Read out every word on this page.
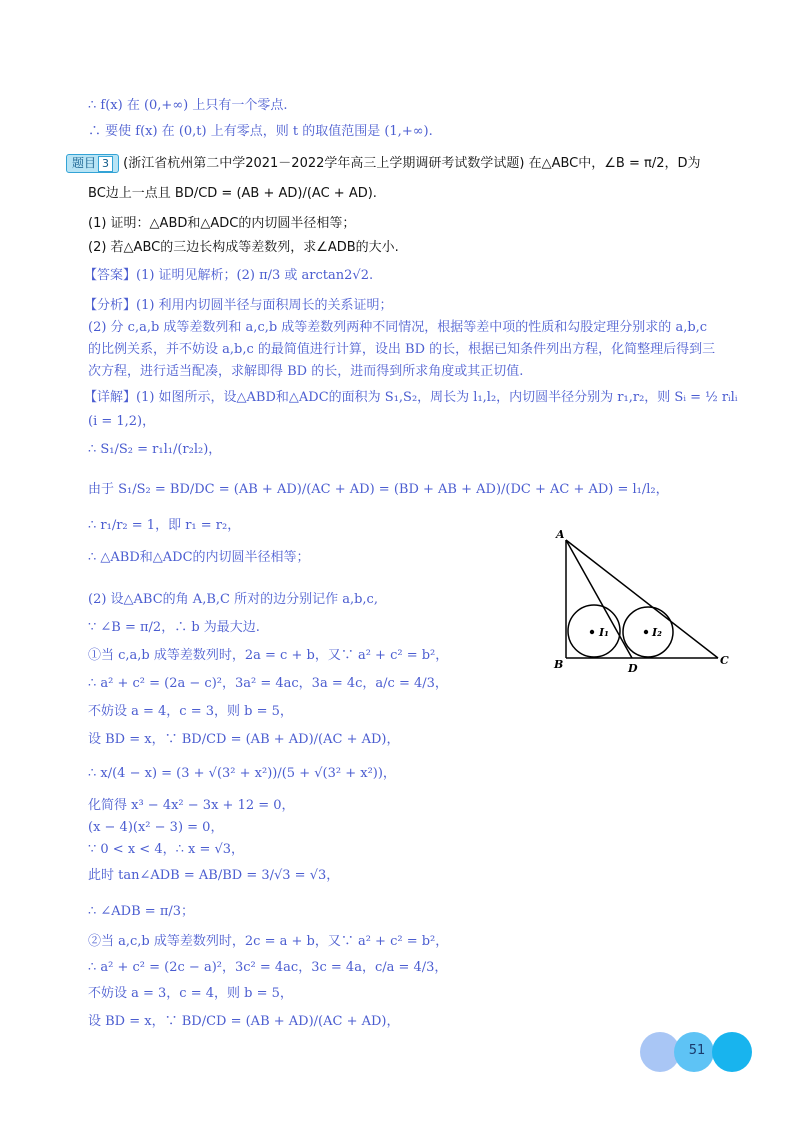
∴ f(x) 在 (0,+∞) 上只有一个零点.
∴ 要使 f(x) 在 (0,t) 上有零点，则 t 的取值范围是 (1,+∞).
题目 3 (浙江省杭州第二中学2021－2022学年高三上学期调研考试数学试题) 在△ABC中，∠B = π/2，D为
BC边上一点且 BD/CD = (AB + AD)/(AC + AD).
(1) 证明：△ABD和△ADC的内切圆半径相等；
(2) 若△ABC的三边长构成等差数列，求∠ADB的大小.
【答案】(1) 证明见解析；(2) π/3 或 arctan2√2.
【分析】(1) 利用内切圆半径与面积周长的关系证明；
(2) 分 c,a,b 成等差数列和 a,c,b 成等差数列两种不同情况，根据等差中项的性质和勾股定理分别求的 a,b,c
的比例关系，并不妨设 a,b,c 的最简值进行计算，设出 BD 的长，根据已知条件列出方程，化简整理后得到三
次方程，进行适当配凑，求解即得 BD 的长，进而得到所求角度或其正切值.
【详解】(1) 如图所示，设△ABD和△ADC的面积为 S₁,S₂，周长为 l₁,l₂，内切圆半径分别为 r₁,r₂，则 Sᵢ = ½ rᵢlᵢ
(i = 1,2)，
∴ S₁/S₂ = r₁l₁/(r₂l₂)，
由于 S₁/S₂ = BD/DC = (AB + AD)/(AC + AD) = (BD + AB + AD)/(DC + AC + AD) = l₁/l₂，
∴ r₁/r₂ = 1，即 r₁ = r₂，
∴ △ABD和△ADC的内切圆半径相等；
(2) 设△ABC的角 A,B,C 所对的边分别记作 a,b,c,
∵ ∠B = π/2，∴ b 为最大边.
①当 c,a,b 成等差数列时，2a = c + b，又∵ a² + c² = b²，
∴ a² + c² = (2a − c)²，3a² = 4ac，3a = 4c，a/c = 4/3，
不妨设 a = 4，c = 3，则 b = 5，
设 BD = x，∵ BD/CD = (AB + AD)/(AC + AD)，
∴ x/(4 − x) = (3 + √(3² + x²))/(5 + √(3² + x²))，
化简得 x³ − 4x² − 3x + 12 = 0，
(x − 4)(x² − 3) = 0，
∵ 0 < x < 4，∴ x = √3，
此时 tan∠ADB = AB/BD = 3/√3 = √3，
∴ ∠ADB = π/3；
②当 a,c,b 成等差数列时，2c = a + b，又∵ a² + c² = b²，
∴ a² + c² = (2c − a)²，3c² = 4ac，3c = 4a，c/a = 4/3，
不妨设 a = 3，c = 4，则 b = 5，
设 BD = x，∵ BD/CD = (AB + AD)/(AC + AD)，
A
B	C
D
I₁	I₂
51
